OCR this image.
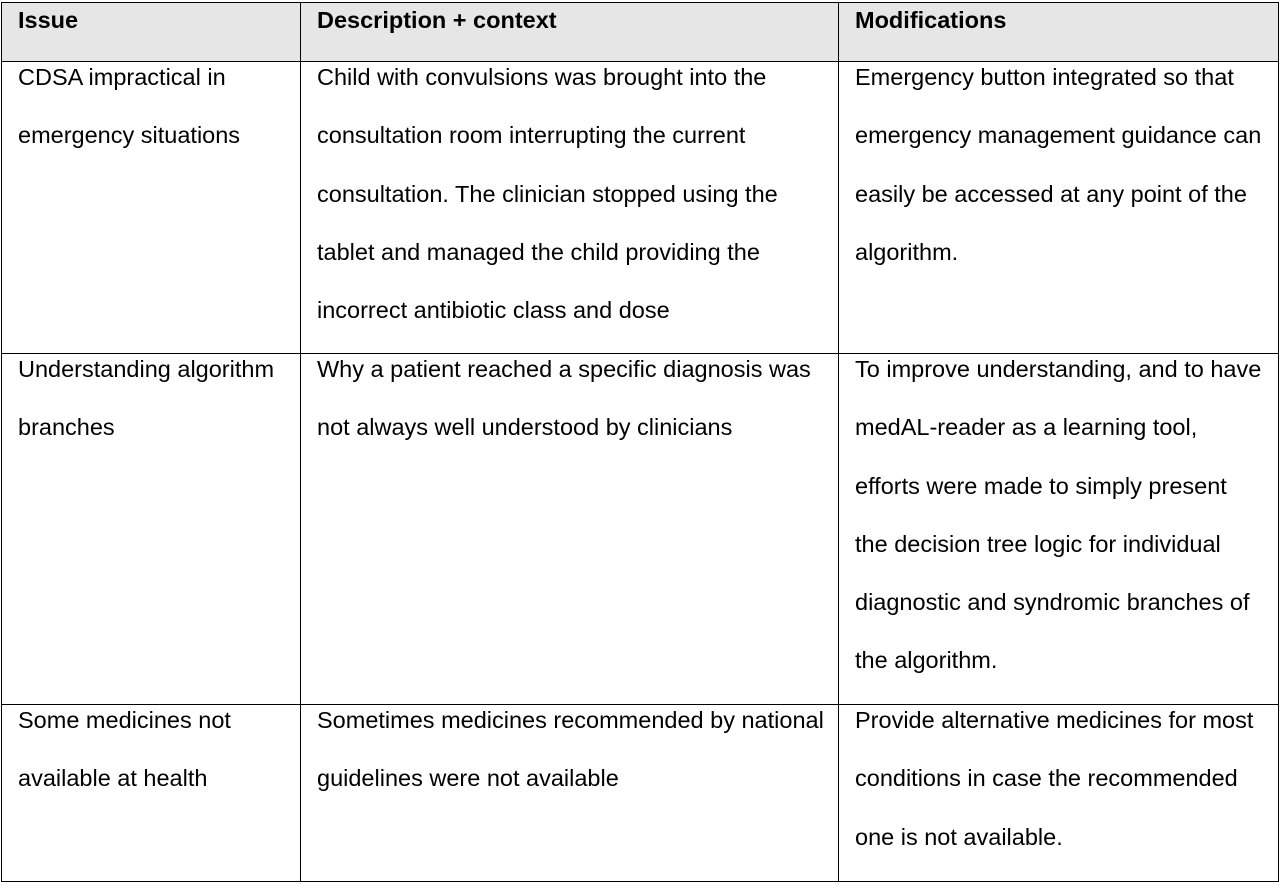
Issue	Description + context	Modifications

CDSA impractical in emergency situations	Child with convulsions was brought into the consultation room interrupting the current consultation. The clinician stopped using the tablet and managed the child providing the incorrect antibiotic class and dose	Emergency button integrated so that emergency management guidance can easily be accessed at any point of the algorithm.

Understanding algorithm branches	Why a patient reached a specific diagnosis was not always well understood by clinicians	To improve understanding, and to have medAL-reader as a learning tool, efforts were made to simply present the decision tree logic for individual diagnostic and syndromic branches of the algorithm.

Some medicines not available at health	Sometimes medicines recommended by national guidelines were not available	Provide alternative medicines for most conditions in case the recommended one is not available.
